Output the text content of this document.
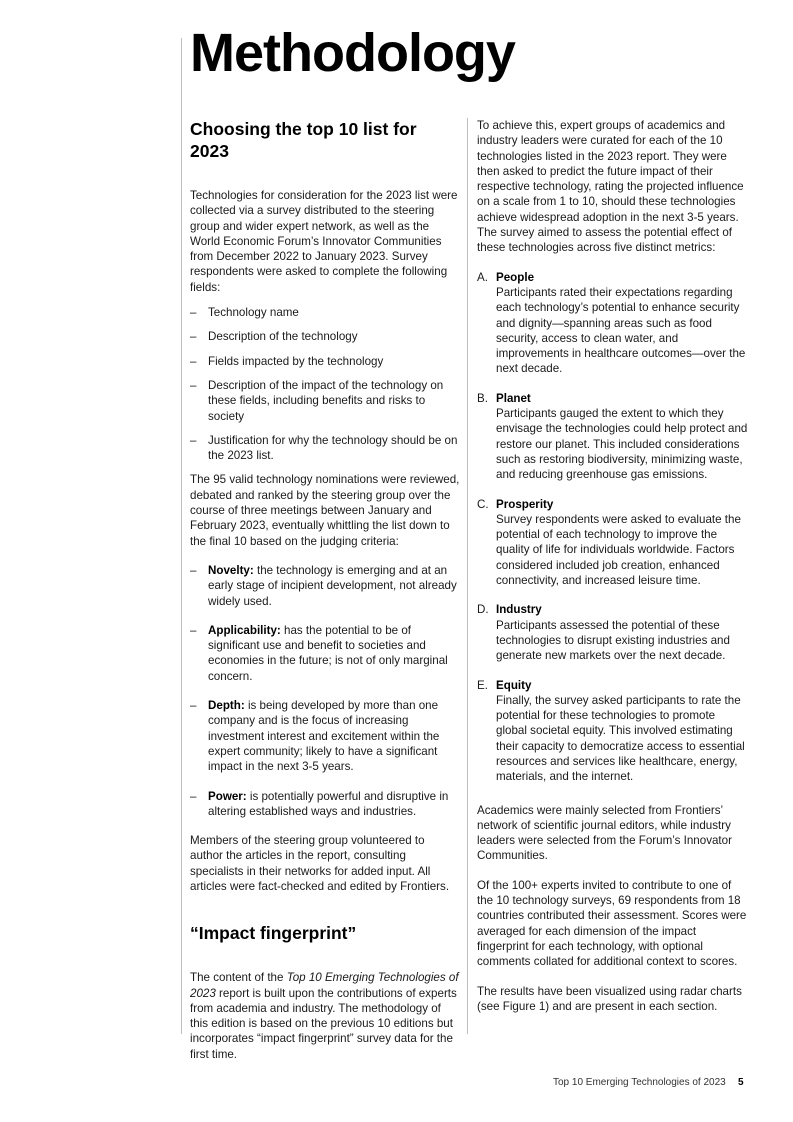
Methodology
Choosing the top 10 list for 2023

Technologies for consideration for the 2023 list were collected via a survey distributed to the steering group and wider expert network, as well as the World Economic Forum’s Innovator Communities from December 2022 to January 2023. Survey respondents were asked to complete the following fields:

– Technology name
– Description of the technology
– Fields impacted by the technology
– Description of the impact of the technology on these fields, including benefits and risks to society
– Justification for why the technology should be on the 2023 list.

The 95 valid technology nominations were reviewed, debated and ranked by the steering group over the course of three meetings between January and February 2023, eventually whittling the list down to the final 10 based on the judging criteria:

– Novelty: the technology is emerging and at an early stage of incipient development, not already widely used.
– Applicability: has the potential to be of significant use and benefit to societies and economies in the future; is not of only marginal concern.
– Depth: is being developed by more than one company and is the focus of increasing investment interest and excitement within the expert community; likely to have a significant impact in the next 3-5 years.
– Power: is potentially powerful and disruptive in altering established ways and industries.

Members of the steering group volunteered to author the articles in the report, consulting specialists in their networks for added input. All articles were fact-checked and edited by Frontiers.

“Impact fingerprint”

The content of the Top 10 Emerging Technologies of 2023 report is built upon the contributions of experts from academia and industry. The methodology of this edition is based on the previous 10 editions but incorporates “impact fingerprint” survey data for the first time.

To achieve this, expert groups of academics and industry leaders were curated for each of the 10 technologies listed in the 2023 report. They were then asked to predict the future impact of their respective technology, rating the projected influence on a scale from 1 to 10, should these technologies achieve widespread adoption in the next 3-5 years. The survey aimed to assess the potential effect of these technologies across five distinct metrics:

A. People
Participants rated their expectations regarding each technology’s potential to enhance security and dignity—spanning areas such as food security, access to clean water, and improvements in healthcare outcomes—over the next decade.
B. Planet
Participants gauged the extent to which they envisage the technologies could help protect and restore our planet. This included considerations such as restoring biodiversity, minimizing waste, and reducing greenhouse gas emissions.
C. Prosperity
Survey respondents were asked to evaluate the potential of each technology to improve the quality of life for individuals worldwide. Factors considered included job creation, enhanced connectivity, and increased leisure time.
D. Industry
Participants assessed the potential of these technologies to disrupt existing industries and generate new markets over the next decade.
E. Equity
Finally, the survey asked participants to rate the potential for these technologies to promote global societal equity. This involved estimating their capacity to democratize access to essential resources and services like healthcare, energy, materials, and the internet.

Academics were mainly selected from Frontiers’ network of scientific journal editors, while industry leaders were selected from the Forum’s Innovator Communities.

Of the 100+ experts invited to contribute to one of the 10 technology surveys, 69 respondents from 18 countries contributed their assessment. Scores were averaged for each dimension of the impact fingerprint for each technology, with optional comments collated for additional context to scores.

The results have been visualized using radar charts (see Figure 1) and are present in each section.

Top 10 Emerging Technologies of 2023 5
